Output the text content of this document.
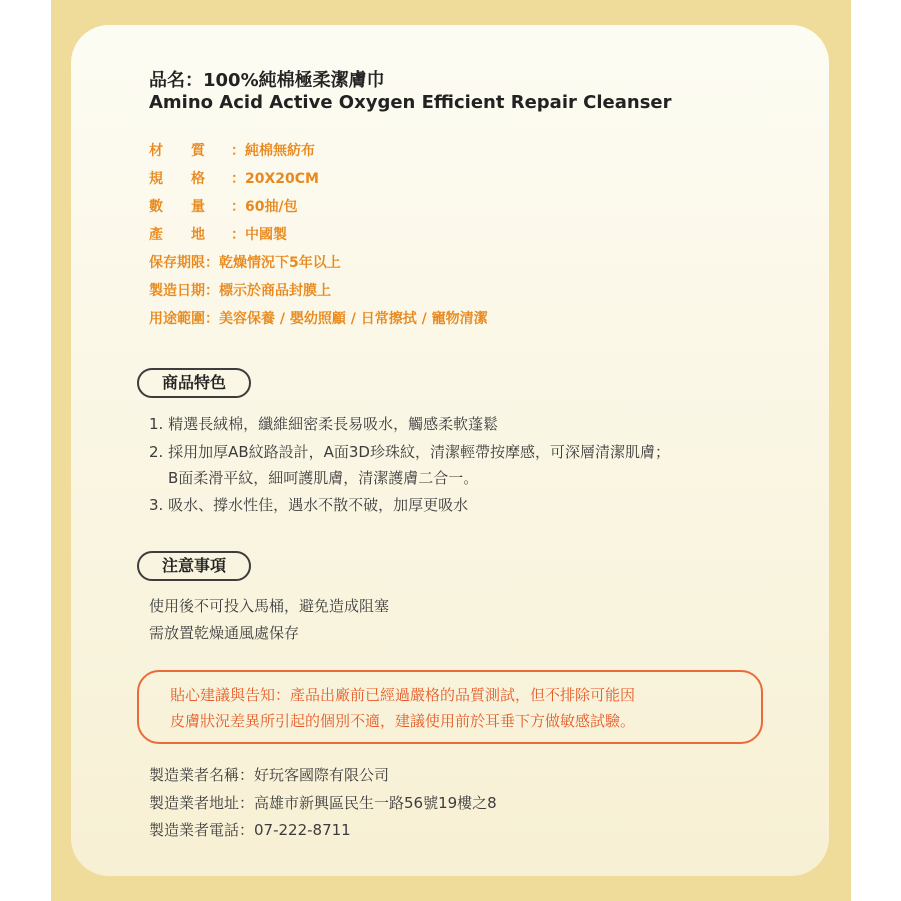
品名：100%純棉極柔潔膚巾
Amino Acid Active Oxygen Efficient Repair Cleanser
材　　質 ：純棉無紡布
規　　格 ：20X20CM
數　　量 ：60抽/包
產　　地 ：中國製
保存期限：乾燥情況下5年以上
製造日期：標示於商品封膜上
用途範圍：美容保養 / 嬰幼照顧 / 日常擦拭 / 寵物清潔
商品特色
1. 精選長絨棉，纖維細密柔長易吸水，觸感柔軟蓬鬆
2. 採用加厚AB紋路設計，A面3D珍珠紋，清潔輕帶按摩感，可深層清潔肌膚；
B面柔滑平紋，細呵護肌膚，清潔護膚二合一。
3. 吸水、撐水性佳，遇水不散不破，加厚更吸水
注意事項
使用後不可投入馬桶，避免造成阻塞
需放置乾燥通風處保存
貼心建議與告知：產品出廠前已經過嚴格的品質測試，但不排除可能因
皮膚狀況差異所引起的個別不適，建議使用前於耳垂下方做敏感試驗。
製造業者名稱：好玩客國際有限公司
製造業者地址：高雄市新興區民生一路56號19樓之8
製造業者電話：07-222-8711
